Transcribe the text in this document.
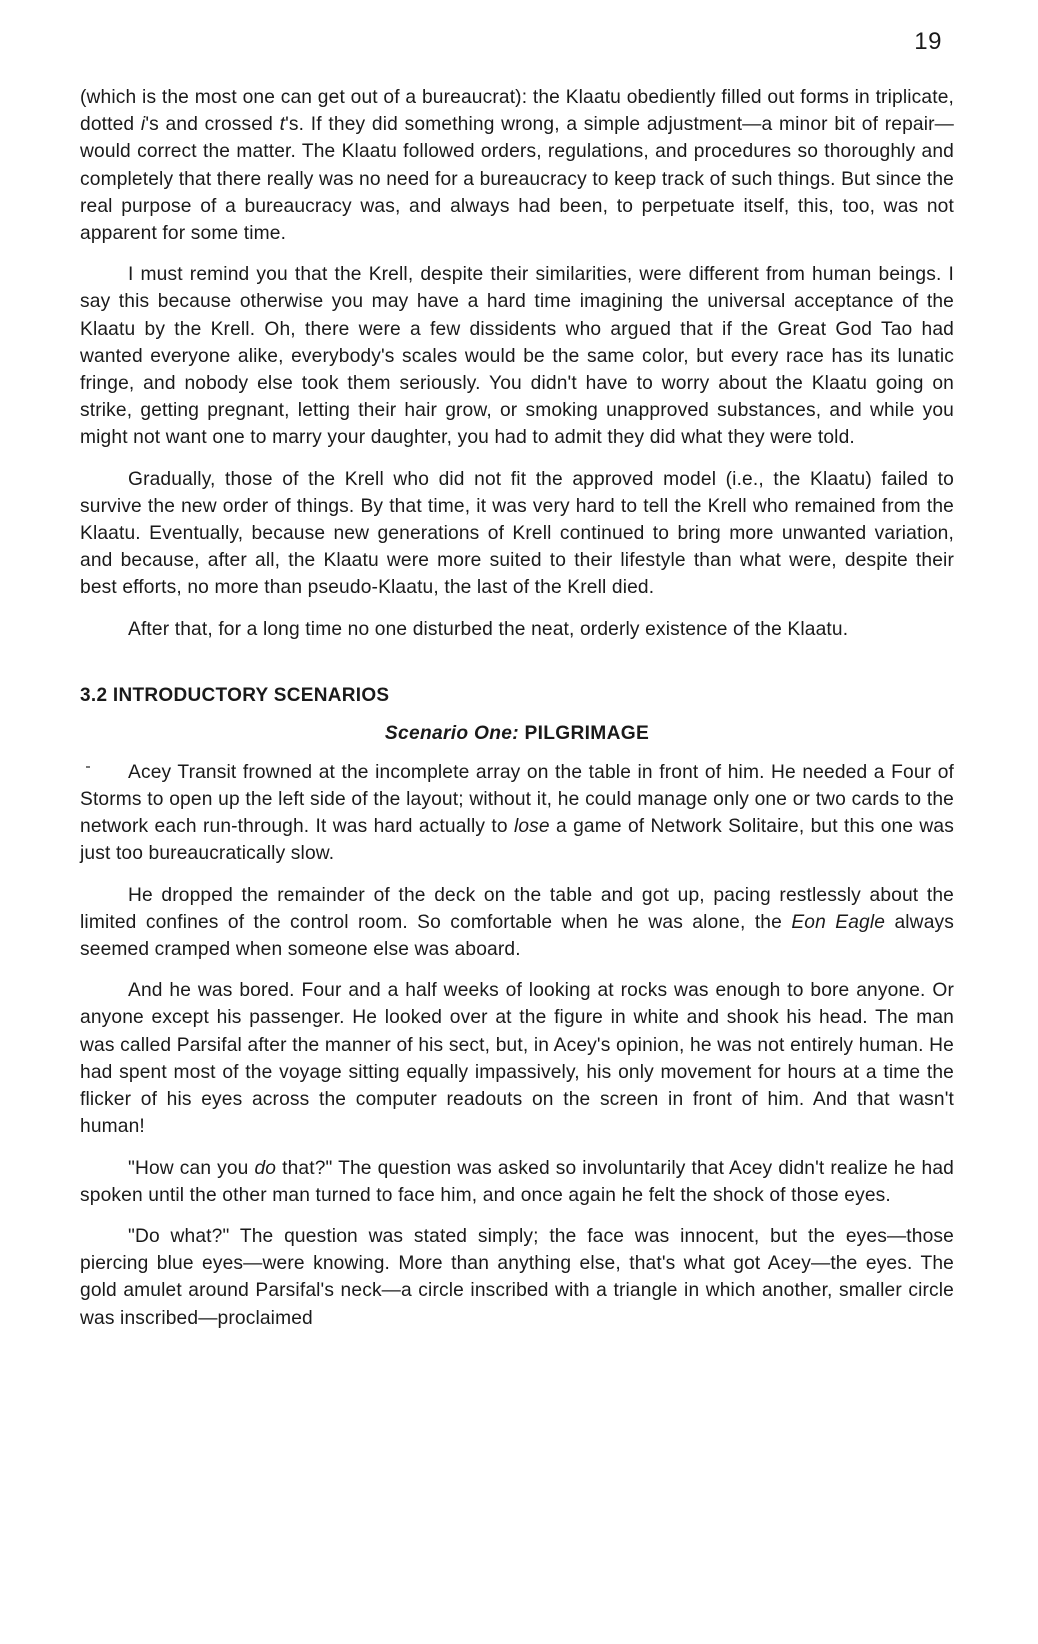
19

(which is the most one can get out of a bureaucrat): the Klaatu obediently filled out forms in triplicate, dotted i's and crossed t's. If they did something wrong, a simple adjustment—a minor bit of repair—would correct the matter. The Klaatu followed orders, regulations, and procedures so thoroughly and completely that there really was no need for a bureaucracy to keep track of such things. But since the real purpose of a bureaucracy was, and always had been, to perpetuate itself, this, too, was not apparent for some time.

I must remind you that the Krell, despite their similarities, were different from human beings. I say this because otherwise you may have a hard time imagining the universal acceptance of the Klaatu by the Krell. Oh, there were a few dissidents who argued that if the Great God Tao had wanted everyone alike, everybody's scales would be the same color, but every race has its lunatic fringe, and nobody else took them seriously. You didn't have to worry about the Klaatu going on strike, getting pregnant, letting their hair grow, or smoking unapproved substances, and while you might not want one to marry your daughter, you had to admit they did what they were told.

Gradually, those of the Krell who did not fit the approved model (i.e., the Klaatu) failed to survive the new order of things. By that time, it was very hard to tell the Krell who remained from the Klaatu. Eventually, because new generations of Krell continued to bring more unwanted variation, and because, after all, the Klaatu were more suited to their lifestyle than what were, despite their best efforts, no more than pseudo-Klaatu, the last of the Krell died.

After that, for a long time no one disturbed the neat, orderly existence of the Klaatu.

3.2 INTRODUCTORY SCENARIOS
Scenario One: PILGRIMAGE

Acey Transit frowned at the incomplete array on the table in front of him. He needed a Four of Storms to open up the left side of the layout; without it, he could manage only one or two cards to the network each run-through. It was hard actually to lose a game of Network Solitaire, but this one was just too bureaucratically slow.

He dropped the remainder of the deck on the table and got up, pacing restlessly about the limited confines of the control room. So comfortable when he was alone, the Eon Eagle always seemed cramped when someone else was aboard.

And he was bored. Four and a half weeks of looking at rocks was enough to bore anyone. Or anyone except his passenger. He looked over at the figure in white and shook his head. The man was called Parsifal after the manner of his sect, but, in Acey's opinion, he was not entirely human. He had spent most of the voyage sitting equally impassively, his only movement for hours at a time the flicker of his eyes across the computer readouts on the screen in front of him. And that wasn't human!

"How can you do that?" The question was asked so involuntarily that Acey didn't realize he had spoken until the other man turned to face him, and once again he felt the shock of those eyes.

"Do what?" The question was stated simply; the face was innocent, but the eyes—those piercing blue eyes—were knowing. More than anything else, that's what got Acey—the eyes. The gold amulet around Parsifal's neck—a circle inscribed with a triangle in which another, smaller circle was inscribed—proclaimed
